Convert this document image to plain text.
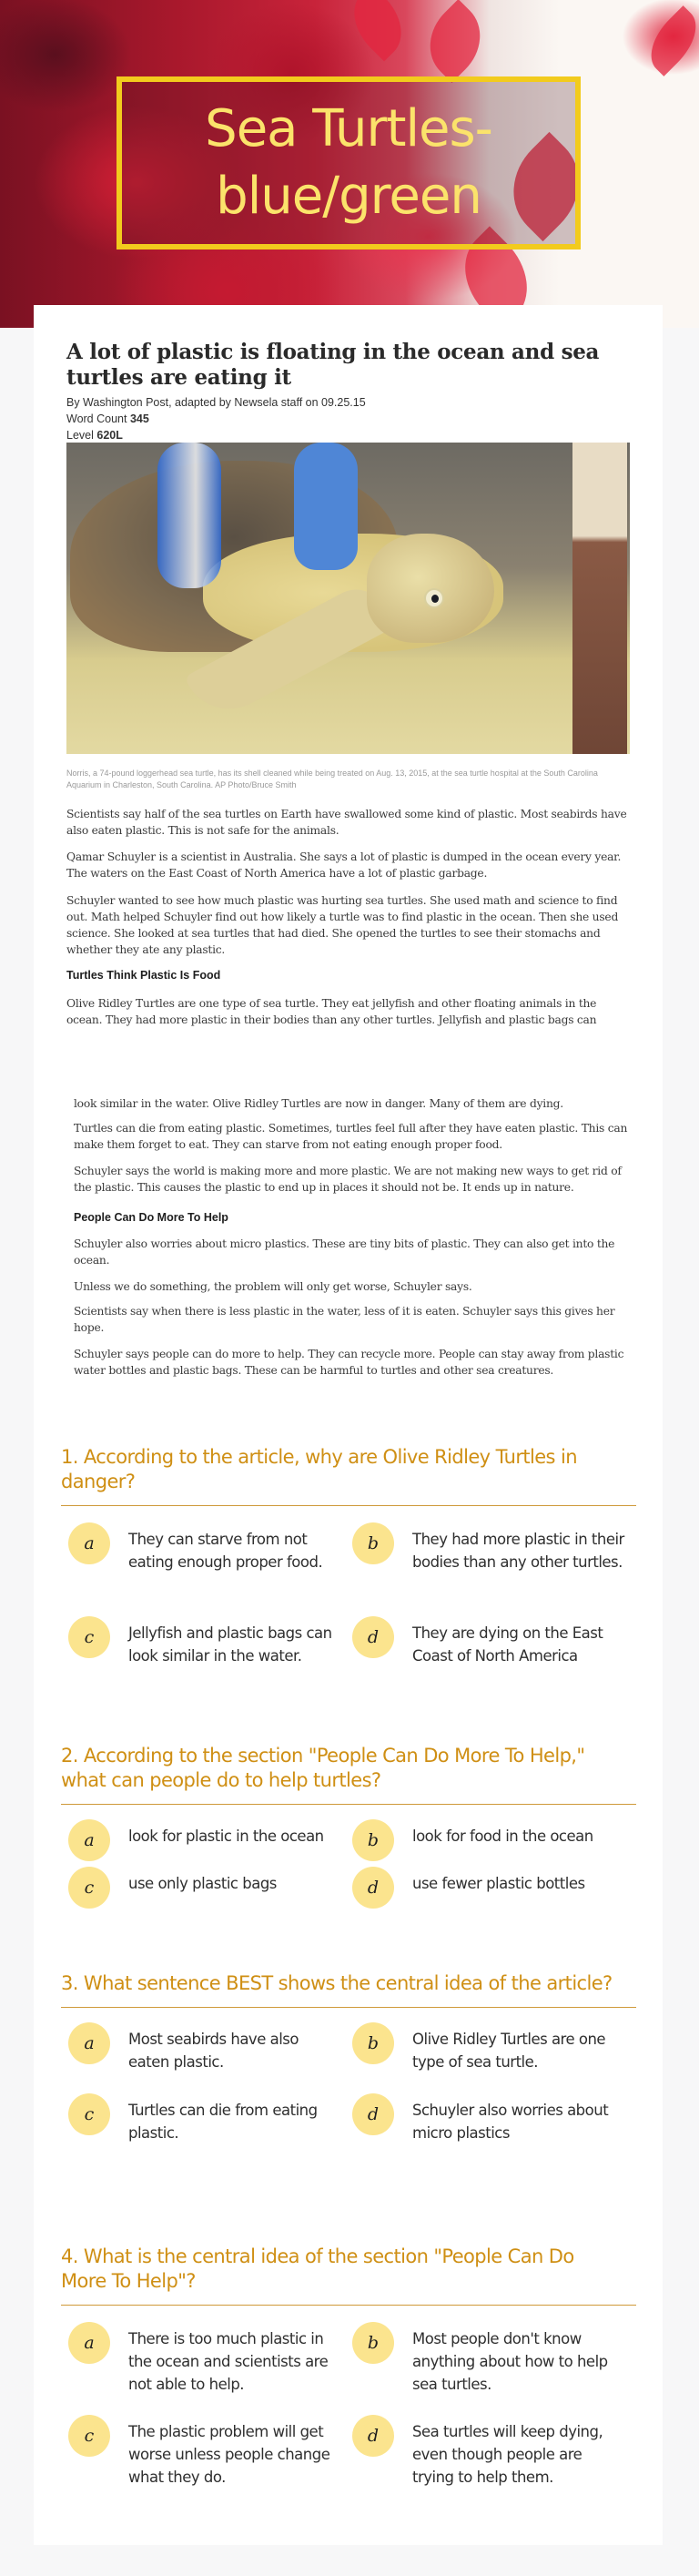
Sea Turtles- blue/green
A lot of plastic is floating in the ocean and sea turtles are eating it
By Washington Post, adapted by Newsela staff on 09.25.15
Word Count 345
Level 620L

Norris, a 74-pound loggerhead sea turtle, has its shell cleaned while being treated on Aug. 13, 2015, at the sea turtle hospital at the South Carolina Aquarium in Charleston, South Carolina. AP Photo/Bruce Smith

Scientists say half of the sea turtles on Earth have swallowed some kind of plastic. Most seabirds have also eaten plastic. This is not safe for the animals.

Qamar Schuyler is a scientist in Australia. She says a lot of plastic is dumped in the ocean every year. The waters on the East Coast of North America have a lot of plastic garbage.

Schuyler wanted to see how much plastic was hurting sea turtles. She used math and science to find out. Math helped Schuyler find out how likely a turtle was to find plastic in the ocean. Then she used science. She looked at sea turtles that had died. She opened the turtles to see their stomachs and whether they ate any plastic.

Turtles Think Plastic Is Food

Olive Ridley Turtles are one type of sea turtle. They eat jellyfish and other floating animals in the ocean. They had more plastic in their bodies than any other turtles. Jellyfish and plastic bags can

look similar in the water. Olive Ridley Turtles are now in danger. Many of them are dying.

Turtles can die from eating plastic. Sometimes, turtles feel full after they have eaten plastic. This can make them forget to eat. They can starve from not eating enough proper food.

Schuyler says the world is making more and more plastic. We are not making new ways to get rid of the plastic. This causes the plastic to end up in places it should not be. It ends up in nature.

People Can Do More To Help

Schuyler also worries about micro plastics. These are tiny bits of plastic. They can also get into the ocean.

Unless we do something, the problem will only get worse, Schuyler says.

Scientists say when there is less plastic in the water, less of it is eaten. Schuyler says this gives her hope.

Schuyler says people can do more to help. They can recycle more. People can stay away from plastic water bottles and plastic bags. These can be harmful to turtles and other sea creatures.

1. According to the article, why are Olive Ridley Turtles in danger?
a	They can starve from not eating enough proper food.
b	They had more plastic in their bodies than any other turtles.
c	Jellyfish and plastic bags can look similar in the water.
d	They are dying on the East Coast of North America
2. According to the section "People Can Do More To Help," what can people do to help turtles?
a	look for plastic in the ocean	b	look for food in the ocean
c	use only plastic bags	d	use fewer plastic bottles
3. What sentence BEST shows the central idea of the article?
a	Most seabirds have also eaten plastic.
b	Olive Ridley Turtles are one type of sea turtle.
c	Turtles can die from eating plastic.
d	Schuyler also worries about micro plastics
4. What is the central idea of the section "People Can Do More To Help"?
a	There is too much plastic in the ocean and scientists are not able to help.
b	Most people don't know anything about how to help sea turtles.
c	The plastic problem will get worse unless people change what they do.
d	Sea turtles will keep dying, even though people are trying to help them.
